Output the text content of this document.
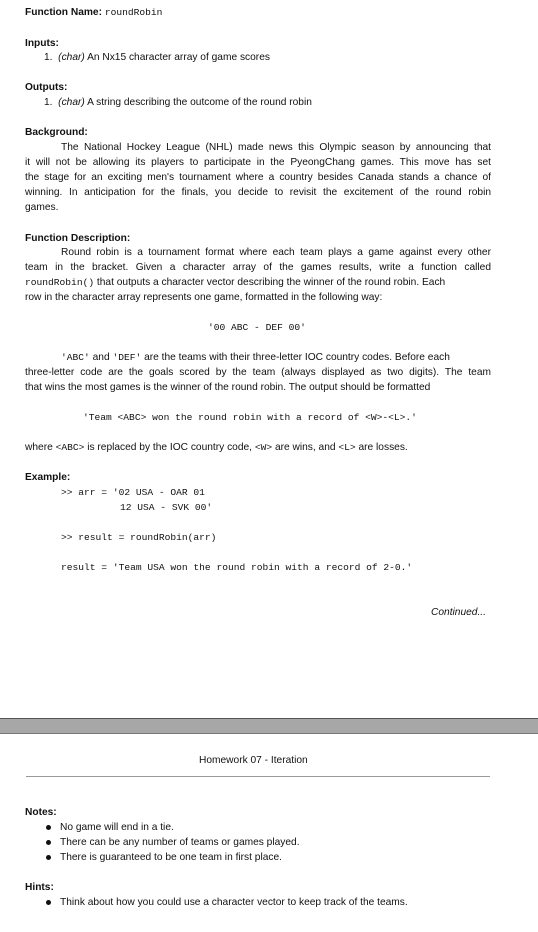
Function Name: roundRobin
Inputs:
1. (char) An Nx15 character array of game scores
Outputs:
1. (char) A string describing the outcome of the round robin
Background:
The National Hockey League (NHL) made news this Olympic season by announcing that
it will not be allowing its players to participate in the PyeongChang games. This move has set
the stage for an exciting men's tournament where a country besides Canada stands a chance of
winning. In anticipation for the finals, you decide to revisit the excitement of the round robin
games.
Function Description:
Round robin is a tournament format where each team plays a game against every other
team in the bracket. Given a character array of the games results, write a function called
roundRobin() that outputs a character vector describing the winner of the round robin. Each
row in the character array represents one game, formatted in the following way:
'00 ABC - DEF 00'
'ABC' and 'DEF' are the teams with their three-letter IOC country codes. Before each
three-letter code are the goals scored by the team (always displayed as two digits). The team
that wins the most games is the winner of the round robin. The output should be formatted
'Team <ABC> won the round robin with a record of <W>-<L>.'
where <ABC> is replaced by the IOC country code, <W> are wins, and <L> are losses.
Example:
>> arr = '02 USA - OAR 01
12 USA - SVK 00'
>> result = roundRobin(arr)
result = 'Team USA won the round robin with a record of 2-0.'
Continued...
Homework 07 - Iteration
Notes:
No game will end in a tie.
There can be any number of teams or games played.
There is guaranteed to be one team in first place.
Hints:
Think about how you could use a character vector to keep track of the teams.
